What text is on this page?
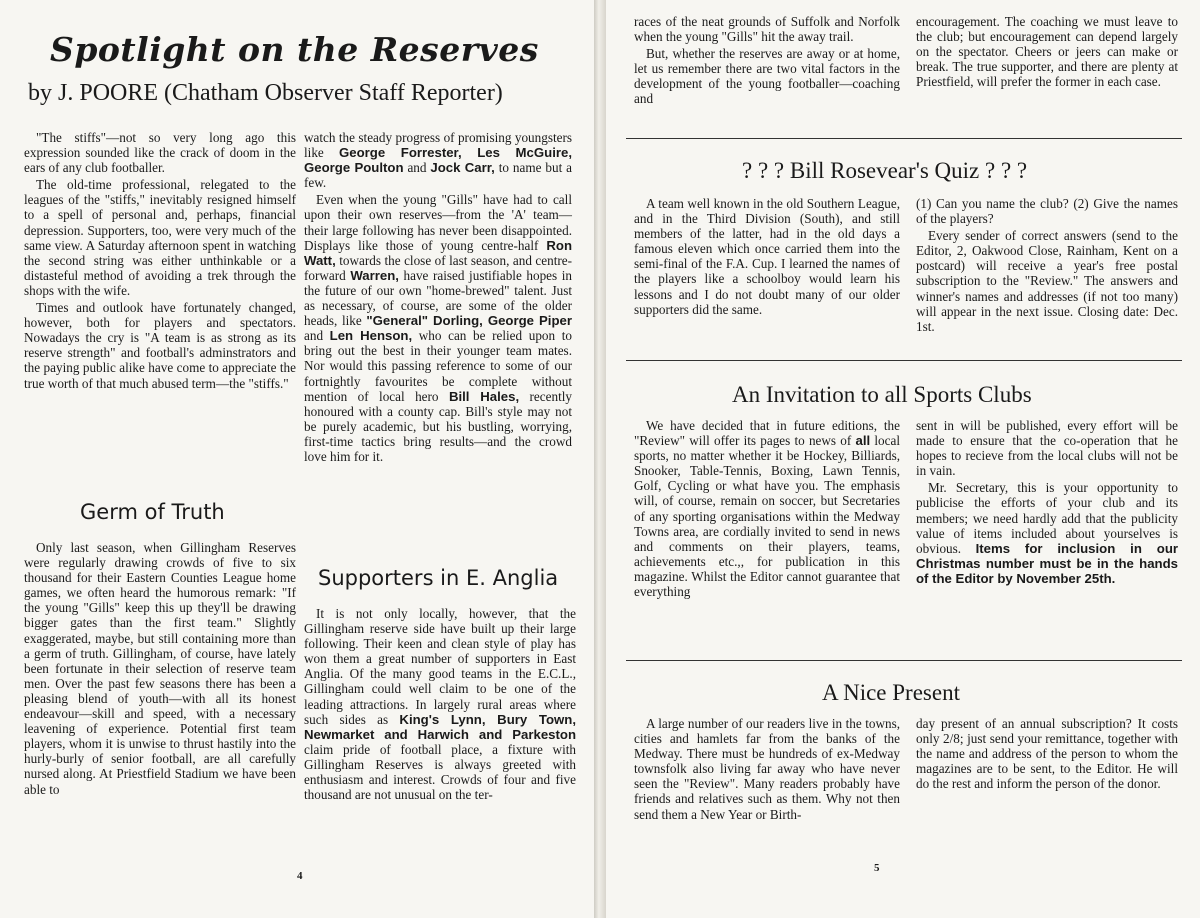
Spotlight on the Reserves
by J. POORE (Chatham Observer Staff Reporter)

"The stiffs"—not so very long ago this expression sounded like the crack of doom in the ears of any club footballer.

The old-time professional, relegated to the leagues of the "stiffs," inevitably resigned himself to a spell of personal and, perhaps, financial depression. Supporters, too, were very much of the same view. A Saturday afternoon spent in watching the second string was either unthinkable or a distasteful method of avoiding a trek through the shops with the wife.

Times and outlook have fortunately changed, however, both for players and spectators. Nowadays the cry is "A team is as strong as its reserve strength" and football's adminstrators and the paying public alike have come to appreciate the true worth of that much abused term—the "stiffs."

watch the steady progress of promising youngsters like George Forrester, Les McGuire, George Poulton and Jock Carr, to name but a few.

Even when the young "Gills" have had to call upon their own reserves—from the 'A' team—their large following has never been disappointed. Displays like those of young centre-half Ron Watt, towards the close of last season, and centre-forward Warren, have raised justifiable hopes in the future of our own "home-brewed" talent. Just as necessary, of course, are some of the older heads, like "General" Dorling, George Piper and Len Henson, who can be relied upon to bring out the best in their younger team mates. Nor would this passing reference to some of our fortnightly favourites be complete without mention of local hero Bill Hales, recently honoured with a county cap. Bill's style may not be purely academic, but his bustling, worrying, first-time tactics bring results—and the crowd love him for it.

Germ of Truth

Only last season, when Gillingham Reserves were regularly drawing crowds of five to six thousand for their Eastern Counties League home games, we often heard the humorous remark: "If the young "Gills" keep this up they'll be drawing bigger gates than the first team." Slightly exaggerated, maybe, but still containing more than a germ of truth. Gillingham, of course, have lately been fortunate in their selection of reserve team men. Over the past few seasons there has been a pleasing blend of youth—with all its honest endeavour—skill and speed, with a necessary leavening of experience. Potential first team players, whom it is unwise to thrust hastily into the hurly-burly of senior football, are all carefully nursed along. At Priestfield Stadium we have been able to

Supporters in E. Anglia

It is not only locally, however, that the Gillingham reserve side have built up their large following. Their keen and clean style of play has won them a great number of supporters in East Anglia. Of the many good teams in the E.C.L., Gillingham could well claim to be one of the leading attractions. In largely rural areas where such sides as King's Lynn, Bury Town, Newmarket and Harwich and Parkeston claim pride of football place, a fixture with Gillingham Reserves is always greeted with enthusiasm and interest. Crowds of four and five thousand are not unusual on the ter-

4

races of the neat grounds of Suffolk and Norfolk when the young "Gills" hit the away trail.

But, whether the reserves are away or at home, let us remember there are two vital factors in the development of the young footballer—coaching and

encouragement. The coaching we must leave to the club; but encouragement can depend largely on the spectator. Cheers or jeers can make or break. The true supporter, and there are plenty at Priestfield, will prefer the former in each case.

? ? ? Bill Rosevear's Quiz ? ? ?

A team well known in the old Southern League, and in the Third Division (South), and still members of the latter, had in the old days a famous eleven which once carried them into the semi-final of the F.A. Cup. I learned the names of the players like a schoolboy would learn his lessons and I do not doubt many of our older supporters did the same.

(1) Can you name the club? (2) Give the names of the players?

Every sender of correct answers (send to the Editor, 2, Oakwood Close, Rainham, Kent on a postcard) will receive a year's free postal subscription to the "Review." The answers and winner's names and addresses (if not too many) will appear in the next issue. Closing date: Dec. 1st.

An Invitation to all Sports Clubs

We have decided that in future editions, the "Review" will offer its pages to news of all local sports, no matter whether it be Hockey, Billiards, Snooker, Table-Tennis, Boxing, Lawn Tennis, Golf, Cycling or what have you. The emphasis will, of course, remain on soccer, but Secretaries of any sporting organisations within the Medway Towns area, are cordially invited to send in news and comments on their players, teams, achievements etc.,, for publication in this magazine. Whilst the Editor cannot guarantee that everything

sent in will be published, every effort will be made to ensure that the co-operation that he hopes to recieve from the local clubs will not be in vain.

Mr. Secretary, this is your opportunity to publicise the efforts of your club and its members; we need hardly add that the publicity value of items included about yourselves is obvious. Items for inclusion in our Christmas number must be in the hands of the Editor by November 25th.

A Nice Present

A large number of our readers live in the towns, cities and hamlets far from the banks of the Medway. There must be hundreds of ex-Medway townsfolk also living far away who have never seen the "Review". Many readers probably have friends and relatives such as them. Why not then send them a New Year or Birth-

day present of an annual subscription? It costs only 2/8; just send your remittance, together with the name and address of the person to whom the magazines are to be sent, to the Editor. He will do the rest and inform the person of the donor.

5
